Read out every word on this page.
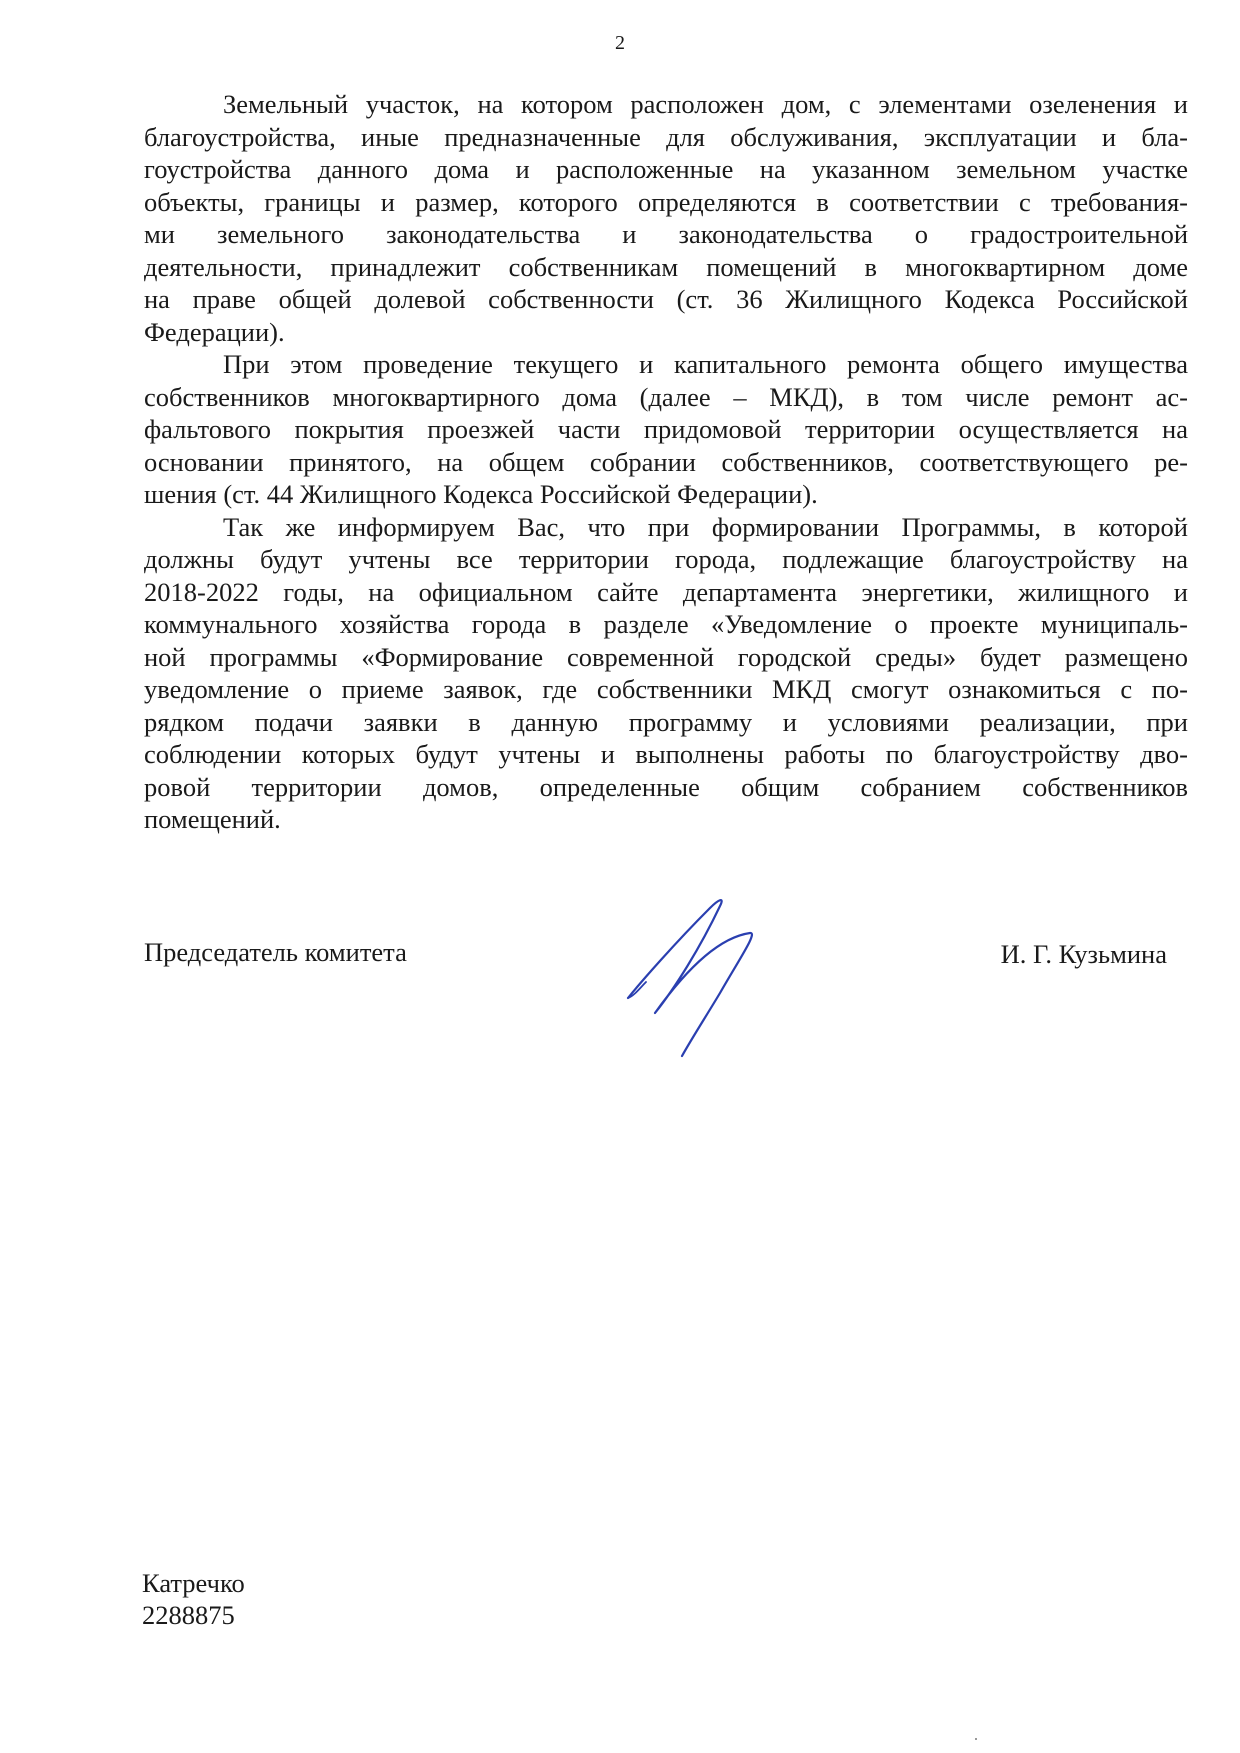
2
Земельный участок, на котором расположен дом, с элементами озеленения и
благоустройства, иные предназначенные для обслуживания, эксплуатации и бла-
гоустройства данного дома и расположенные на указанном земельном участке
объекты, границы и размер, которого определяются в соответствии с требования-
ми земельного законодательства и законодательства о градостроительной
деятельности, принадлежит собственникам помещений в многоквартирном доме
на праве общей долевой собственности (ст. 36 Жилищного Кодекса Российской
Федерации).
При этом проведение текущего и капитального ремонта общего имущества
собственников многоквартирного дома (далее – МКД), в том числе ремонт ас-
фальтового покрытия проезжей части придомовой территории осуществляется на
основании принятого, на общем собрании собственников, соответствующего ре-
шения (ст. 44 Жилищного Кодекса Российской Федерации).
Так же информируем Вас, что при формировании Программы, в которой
должны будут учтены все территории города, подлежащие благоустройству на
2018-2022 годы, на официальном сайте департамента энергетики, жилищного и
коммунального хозяйства города в разделе «Уведомление о проекте муниципаль-
ной программы «Формирование современной городской среды» будет размещено
уведомление о приеме заявок, где собственники МКД смогут ознакомиться с по-
рядком подачи заявки в данную программу и условиями реализации, при
соблюдении которых будут учтены и выполнены работы по благоустройству дво-
ровой территории домов, определенные общим собранием собственников
помещений.
Председатель комитета	И. Г. Кузьмина
Катречко
2288875
